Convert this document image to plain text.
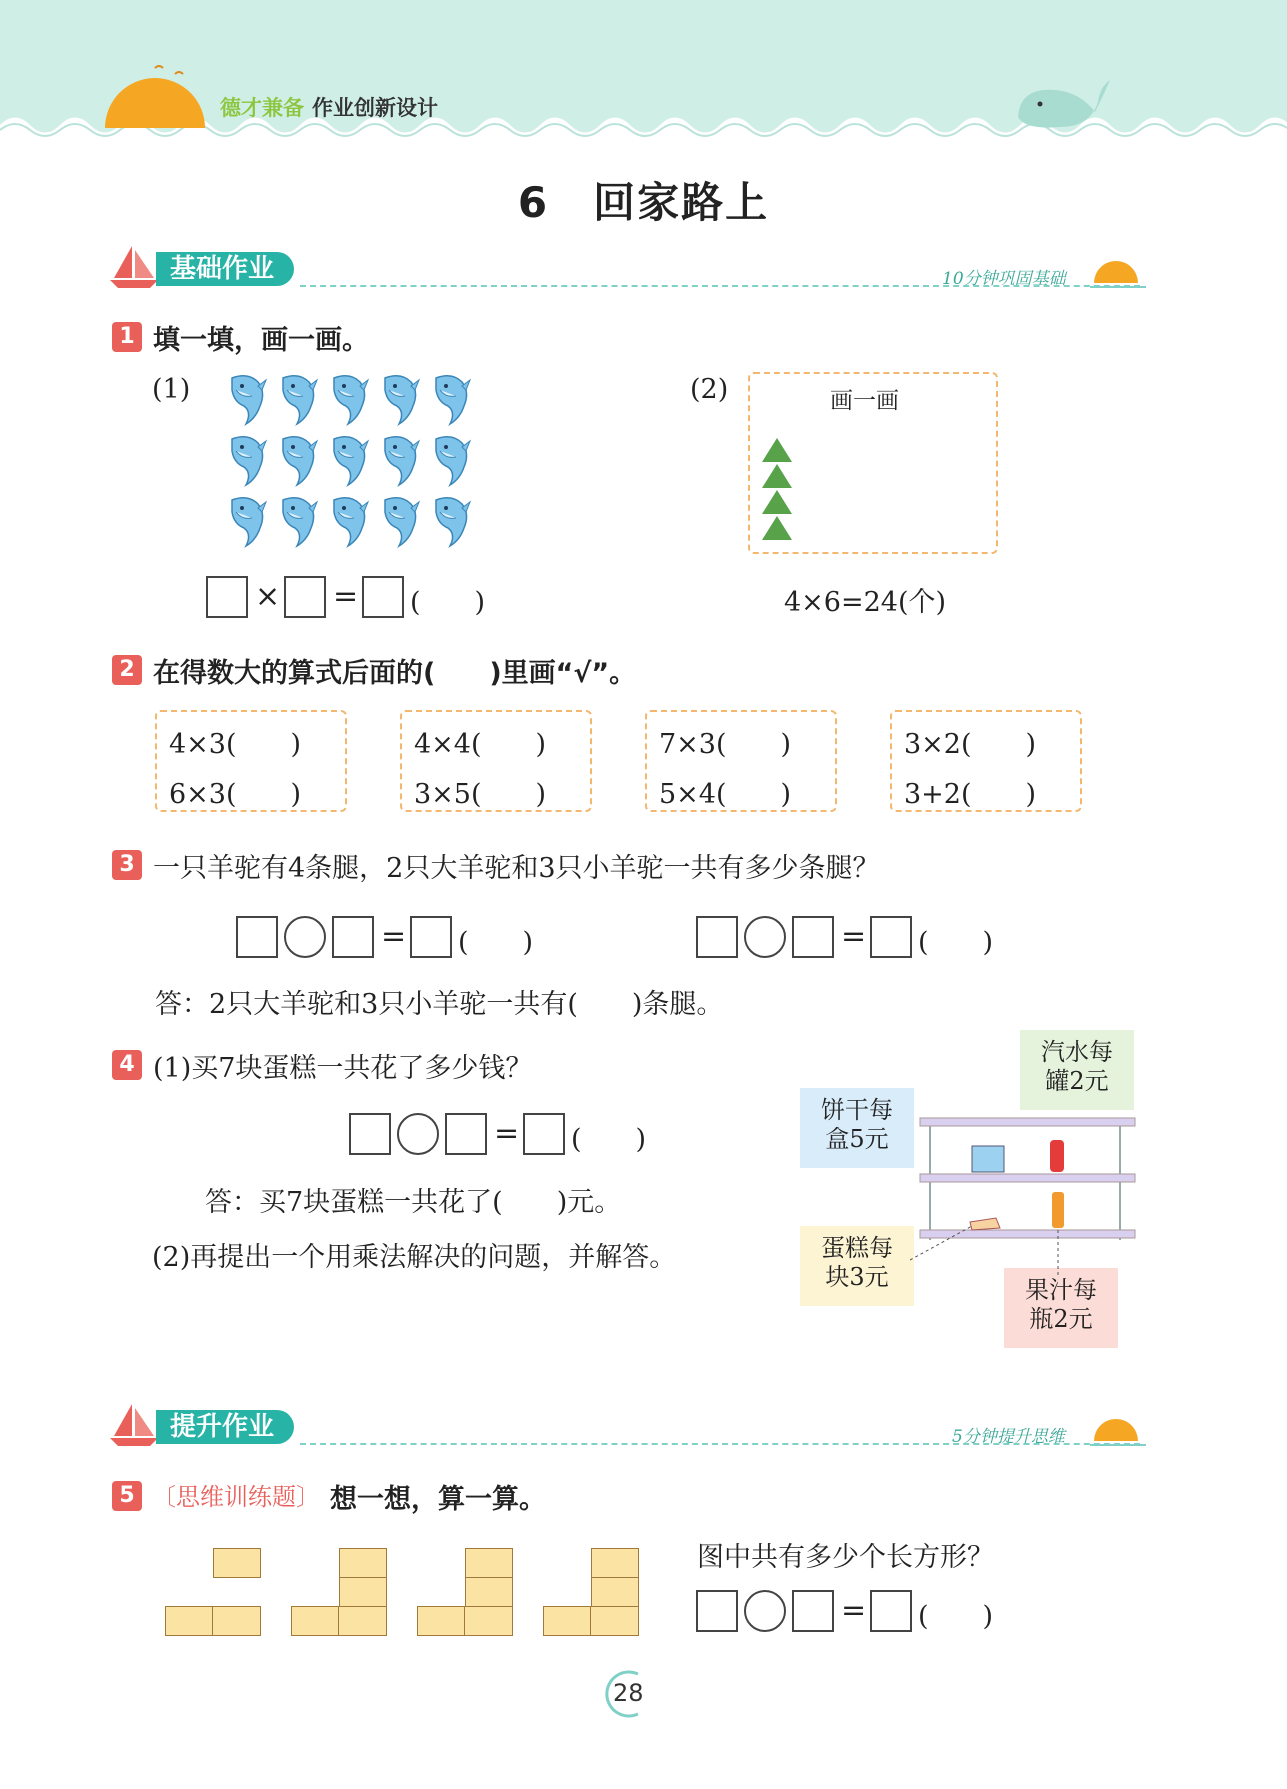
德才兼备 作业创新设计
6　回家路上
基础作业	10分钟巩固基础
1 填一填，画一画。
(1)	(2)	画一画
× = (　　)	4×6=24(个)
2 在得数大的算式后面的(　　)里画“√”。
4×3(　　)
6×3(　　)
4×4(　　)
3×5(　　)
7×3(　　)
5×4(　　)
3×2(　　)
3+2(　　)
3 一只羊驼有4条腿，2只大羊驼和3只小羊驼一共有多少条腿？
= (　　)	= (　　)
答：2只大羊驼和3只小羊驼一共有(　　)条腿。
4 (1)买7块蛋糕一共花了多少钱？
= (　　)
答：买7块蛋糕一共花了(　　)元。
(2)再提出一个用乘法解决的问题，并解答。
汽水每
罐2元
饼干每
盒5元
蛋糕每
块3元	果汁每
瓶2元
提升作业	5分钟提升思维
5 〔思维训练题〕 想一想，算一算。
图中共有多少个长方形？
= (　　)
28
